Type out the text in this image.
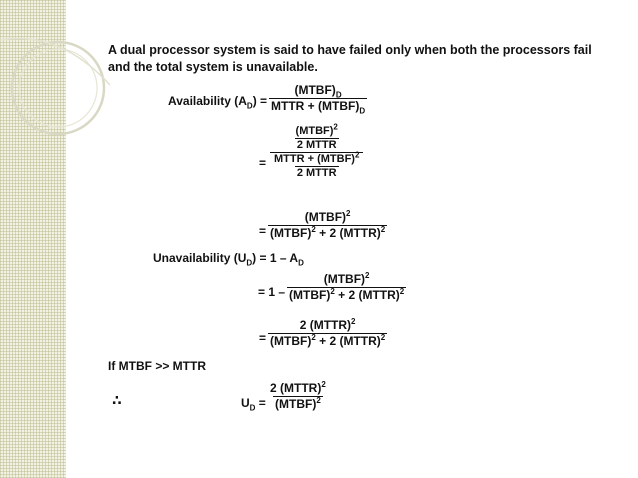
A dual processor system is said to have failed only when both the processors fail and the total system is unavailable.
Availability $(A_D)$ =
$(MTBF)_D$
MTTR + $(MTBF)_D$
=
(MTBF)$^2$
2 MTTR
MTTR + (MTBF)$^2$
2 MTTR
=
(MTBF)$^2$
(MTBF)$^2$ + 2 (MTTR)$^2$
Unavailability $(U_D) = 1 - A_D$
= 1 –
(MTBF)$^2$
(MTBF)$^2$ + 2 (MTTR)$^2$
=
2 (MTTR)$^2$
(MTBF)$^2$ + 2 (MTTR)$^2$
If MTBF >> MTTR
∴	$U_D$ =
2 (MTTR)$^2$
(MTBF)$^2$
